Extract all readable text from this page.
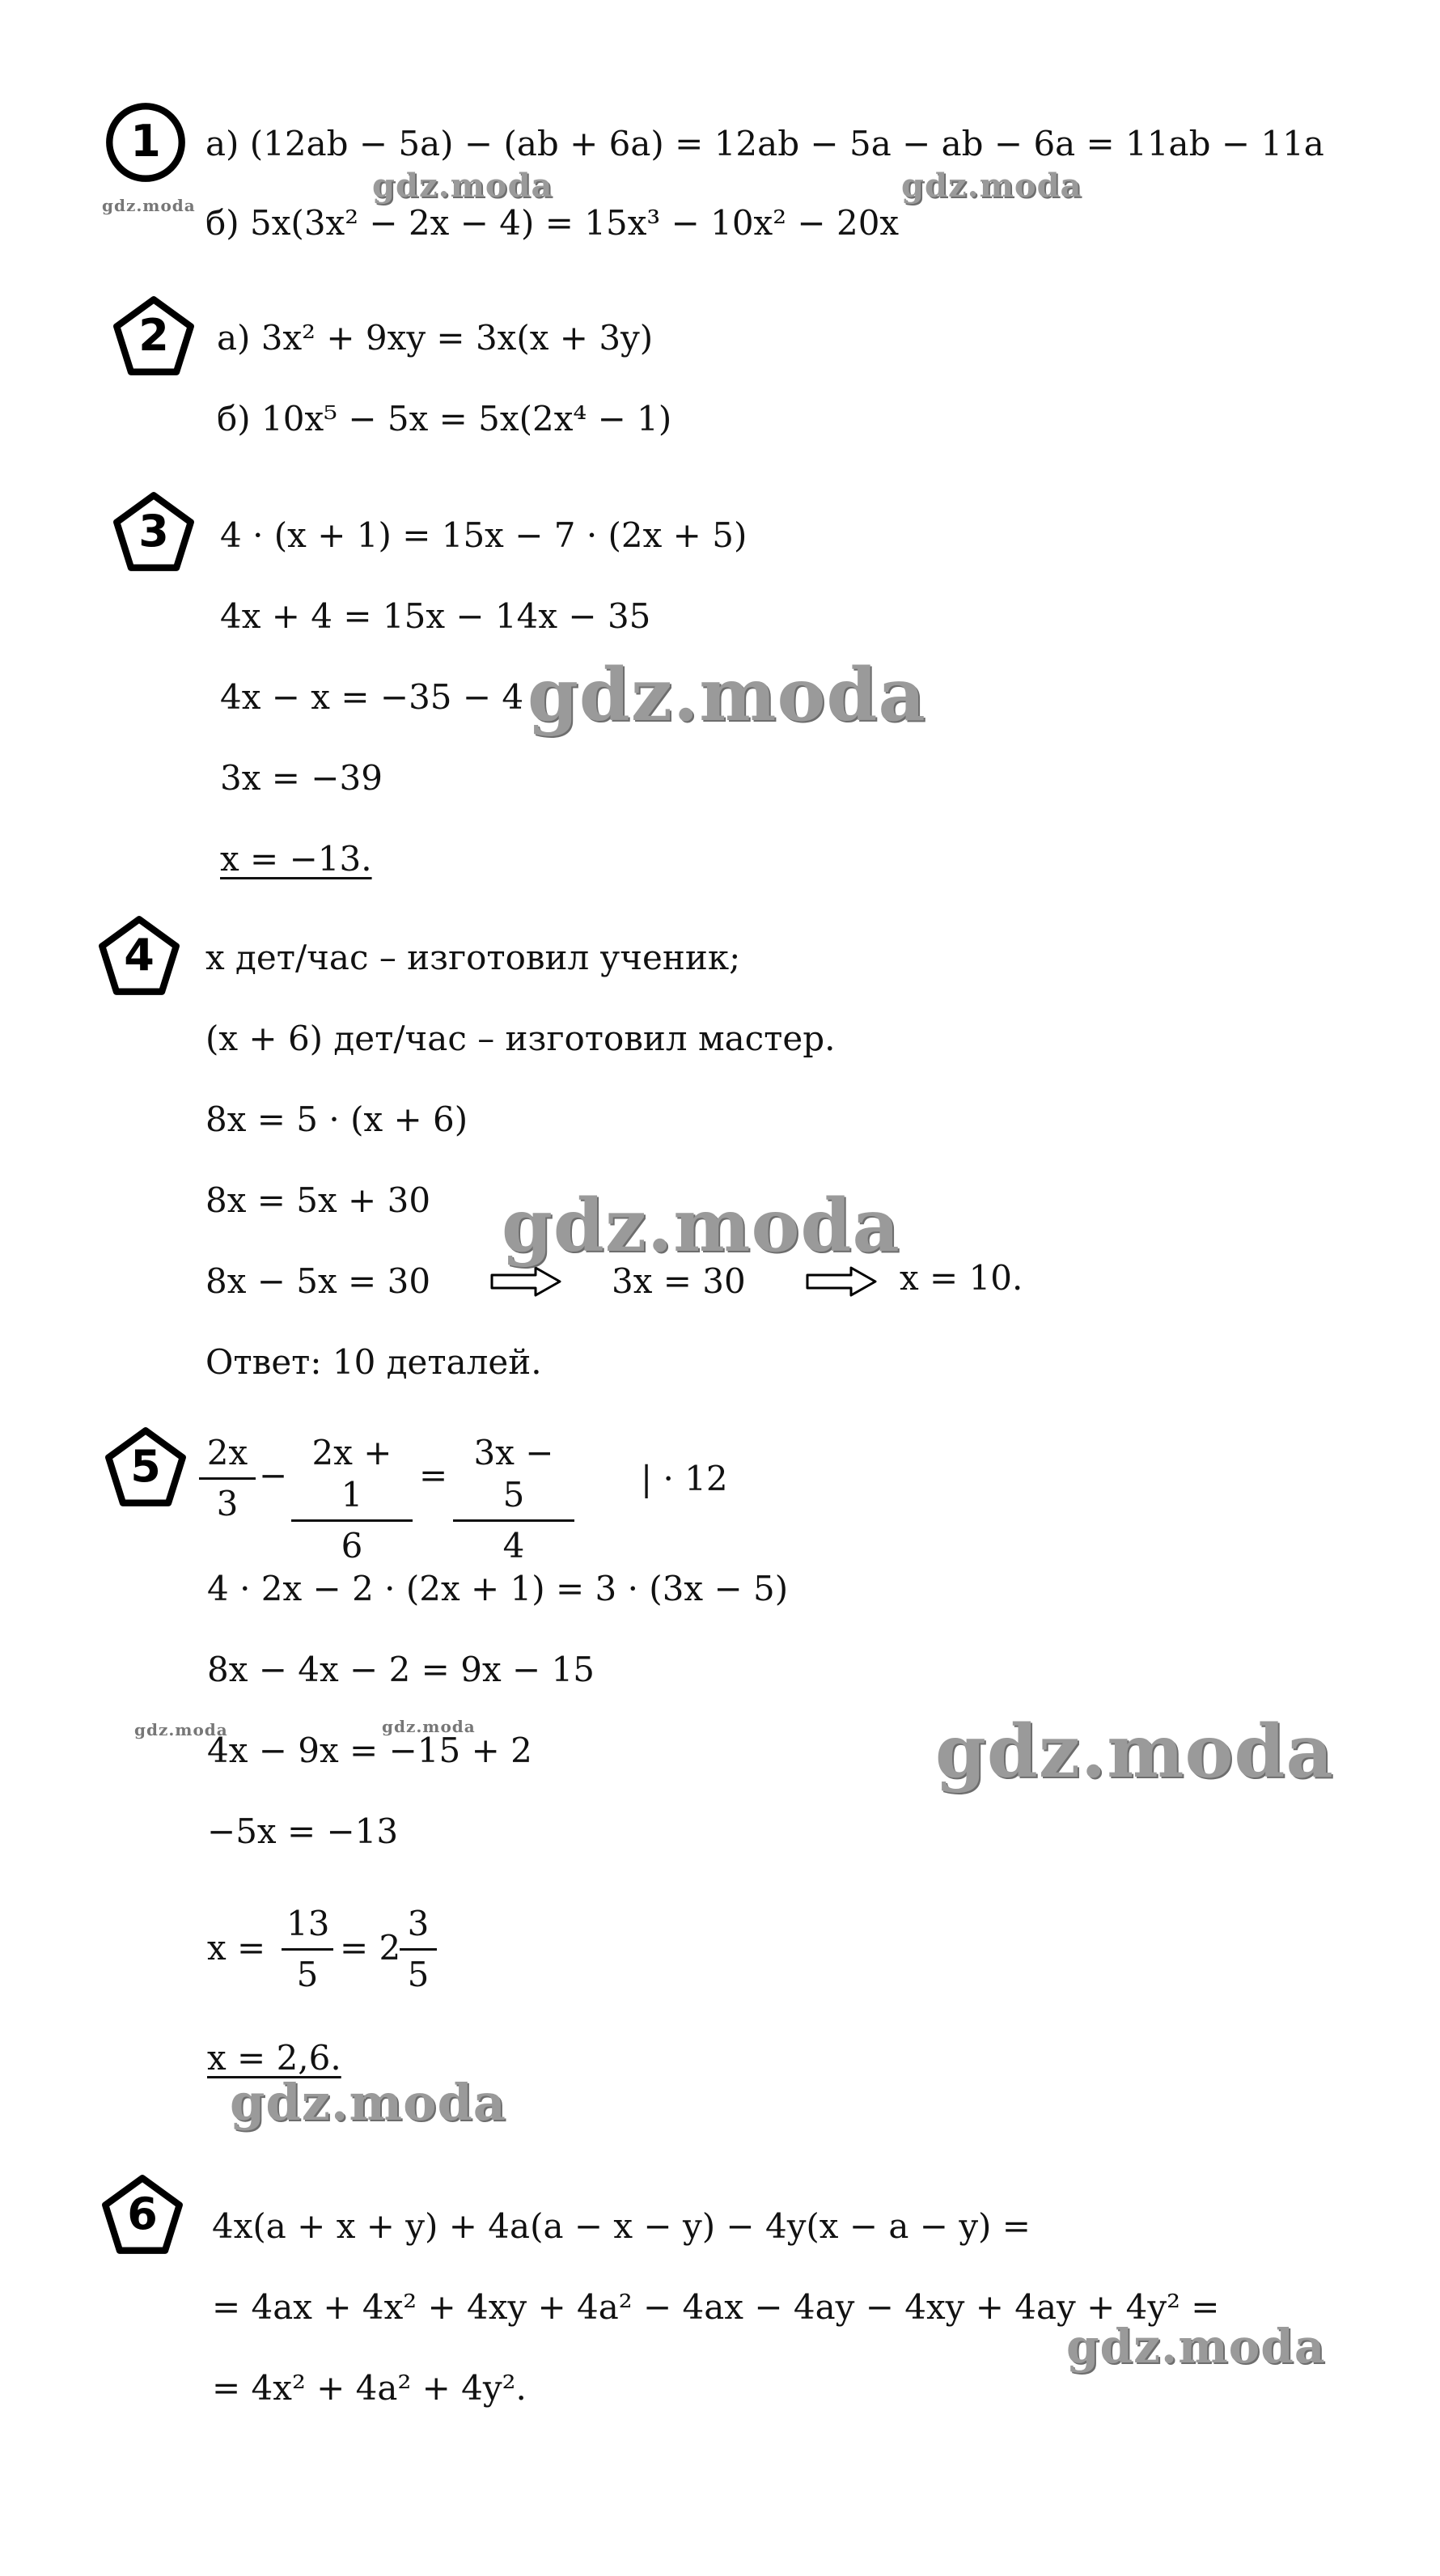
1
2
3
4
5
6
а) (12ab − 5a) − (ab + 6a) = 12ab − 5a − ab − 6a = 11ab − 11a
б) 5x(3x² − 2x − 4) = 15x³ − 10x² − 20x
а) 3x² + 9xy = 3x(x + 3y)
б) 10x⁵ − 5x = 5x(2x⁴ − 1)
4 · (x + 1) = 15x − 7 · (2x + 5)
4x + 4 = 15x − 14x − 35
4x − x = −35 − 4
3x = −39
x = −13.
x дет/час – изготовил ученик;
(x + 6) дет/час – изготовил мастер.
8x = 5 · (x + 6)
8x = 5x + 30
8x − 5x = 30	3x = 30	x = 10.
Ответ: 10 деталей.
$\frac{2x}{3} - \frac{2x + 1}{6} = \frac{3x - 5}{4}$ | · 12
4 · 2x − 2 · (2x + 1) = 3 · (3x − 5)
8x − 4x − 2 = 9x − 15
4x − 9x = −15 + 2
−5x = −13
$x = \frac{13}{5} = 2$
$\frac{3}{5}$
x = 2,6.
4x(a + x + y) + 4a(a − x − y) − 4y(x − a − y) =
= 4ax + 4x² + 4xy + 4a² − 4ax − 4ay − 4xy + 4ay + 4y² =
= 4x² + 4a² + 4y².
gdz.moda
gdz.moda	gdz.moda
gdz.moda
gdz.moda
gdz.moda	gdz.moda	gdz.moda
gdz.moda
gdz.moda
